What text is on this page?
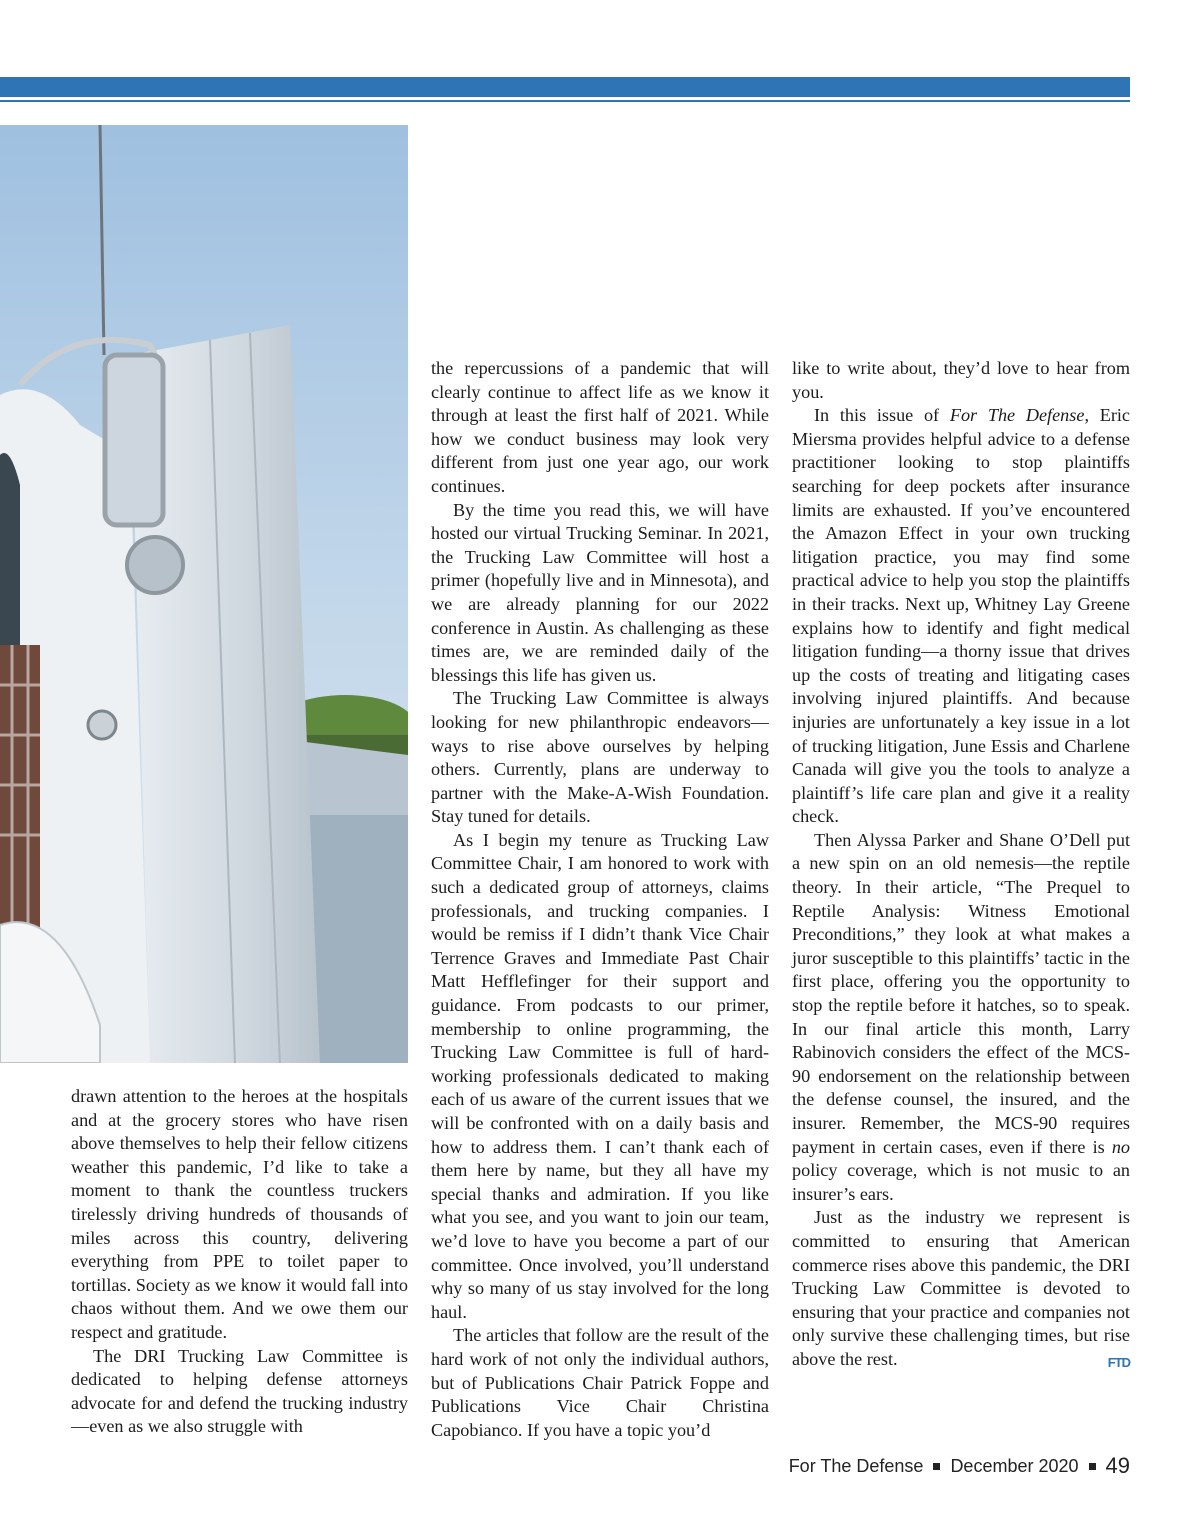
drawn attention to the heroes at the hospitals and at the grocery stores who have risen above themselves to help their fellow citizens weather this pandemic, I’d like to take a moment to thank the countless truckers tirelessly driving hundreds of thousands of miles across this country, delivering everything from PPE to toilet paper to tortillas. Society as we know it would fall into chaos without them. And we owe them our respect and gratitude.

The DRI Trucking Law Committee is dedicated to helping defense attorneys advocate for and defend the trucking industry—even as we also struggle with

the repercussions of a pandemic that will clearly continue to affect life as we know it through at least the first half of 2021. While how we conduct business may look very different from just one year ago, our work continues.

By the time you read this, we will have hosted our virtual Trucking Seminar. In 2021, the Trucking Law Committee will host a primer (hopefully live and in Minnesota), and we are already planning for our 2022 conference in Austin. As challenging as these times are, we are reminded daily of the blessings this life has given us.

The Trucking Law Committee is always looking for new philanthropic endeavors—ways to rise above ourselves by helping others. Currently, plans are underway to partner with the Make-A-Wish Foundation. Stay tuned for details.

As I begin my tenure as Trucking Law Committee Chair, I am honored to work with such a dedicated group of attorneys, claims professionals, and trucking companies. I would be remiss if I didn’t thank Vice Chair Terrence Graves and Immediate Past Chair Matt Hefflefinger for their support and guidance. From podcasts to our primer, membership to online programming, the Trucking Law Committee is full of hard-working professionals dedicated to making each of us aware of the current issues that we will be confronted with on a daily basis and how to address them. I can’t thank each of them here by name, but they all have my special thanks and admiration. If you like what you see, and you want to join our team, we’d love to have you become a part of our committee. Once involved, you’ll understand why so many of us stay involved for the long haul.

The articles that follow are the result of the hard work of not only the individual authors, but of Publications Chair Patrick Foppe and Publications Vice Chair Christina Capobianco. If you have a topic you’d

like to write about, they’d love to hear from you.

In this issue of For The Defense, Eric Miersma provides helpful advice to a defense practitioner looking to stop plaintiffs searching for deep pockets after insurance limits are exhausted. If you’ve encountered the Amazon Effect in your own trucking litigation practice, you may find some practical advice to help you stop the plaintiffs in their tracks. Next up, Whitney Lay Greene explains how to identify and fight medical litigation funding—a thorny issue that drives up the costs of treating and litigating cases involving injured plaintiffs. And because injuries are unfortunately a key issue in a lot of trucking litigation, June Essis and Charlene Canada will give you the tools to analyze a plaintiff’s life care plan and give it a reality check.

Then Alyssa Parker and Shane O’Dell put a new spin on an old nemesis—the reptile theory. In their article, “The Prequel to Reptile Analysis: Witness Emotional Preconditions,” they look at what makes a juror susceptible to this plaintiffs’ tactic in the first place, offering you the opportunity to stop the reptile before it hatches, so to speak. In our final article this month, Larry Rabinovich considers the effect of the MCS-90 endorsement on the relationship between the defense counsel, the insured, and the insurer. Remember, the MCS-90 requires payment in certain cases, even if there is no policy coverage, which is not music to an insurer’s ears.

Just as the industry we represent is committed to ensuring that American commerce rises above this pandemic, the DRI Trucking Law Committee is devoted to ensuring that your practice and companies not only survive these challenging times, but rise above the rest.	FTD

For The Defense December 2020 49
